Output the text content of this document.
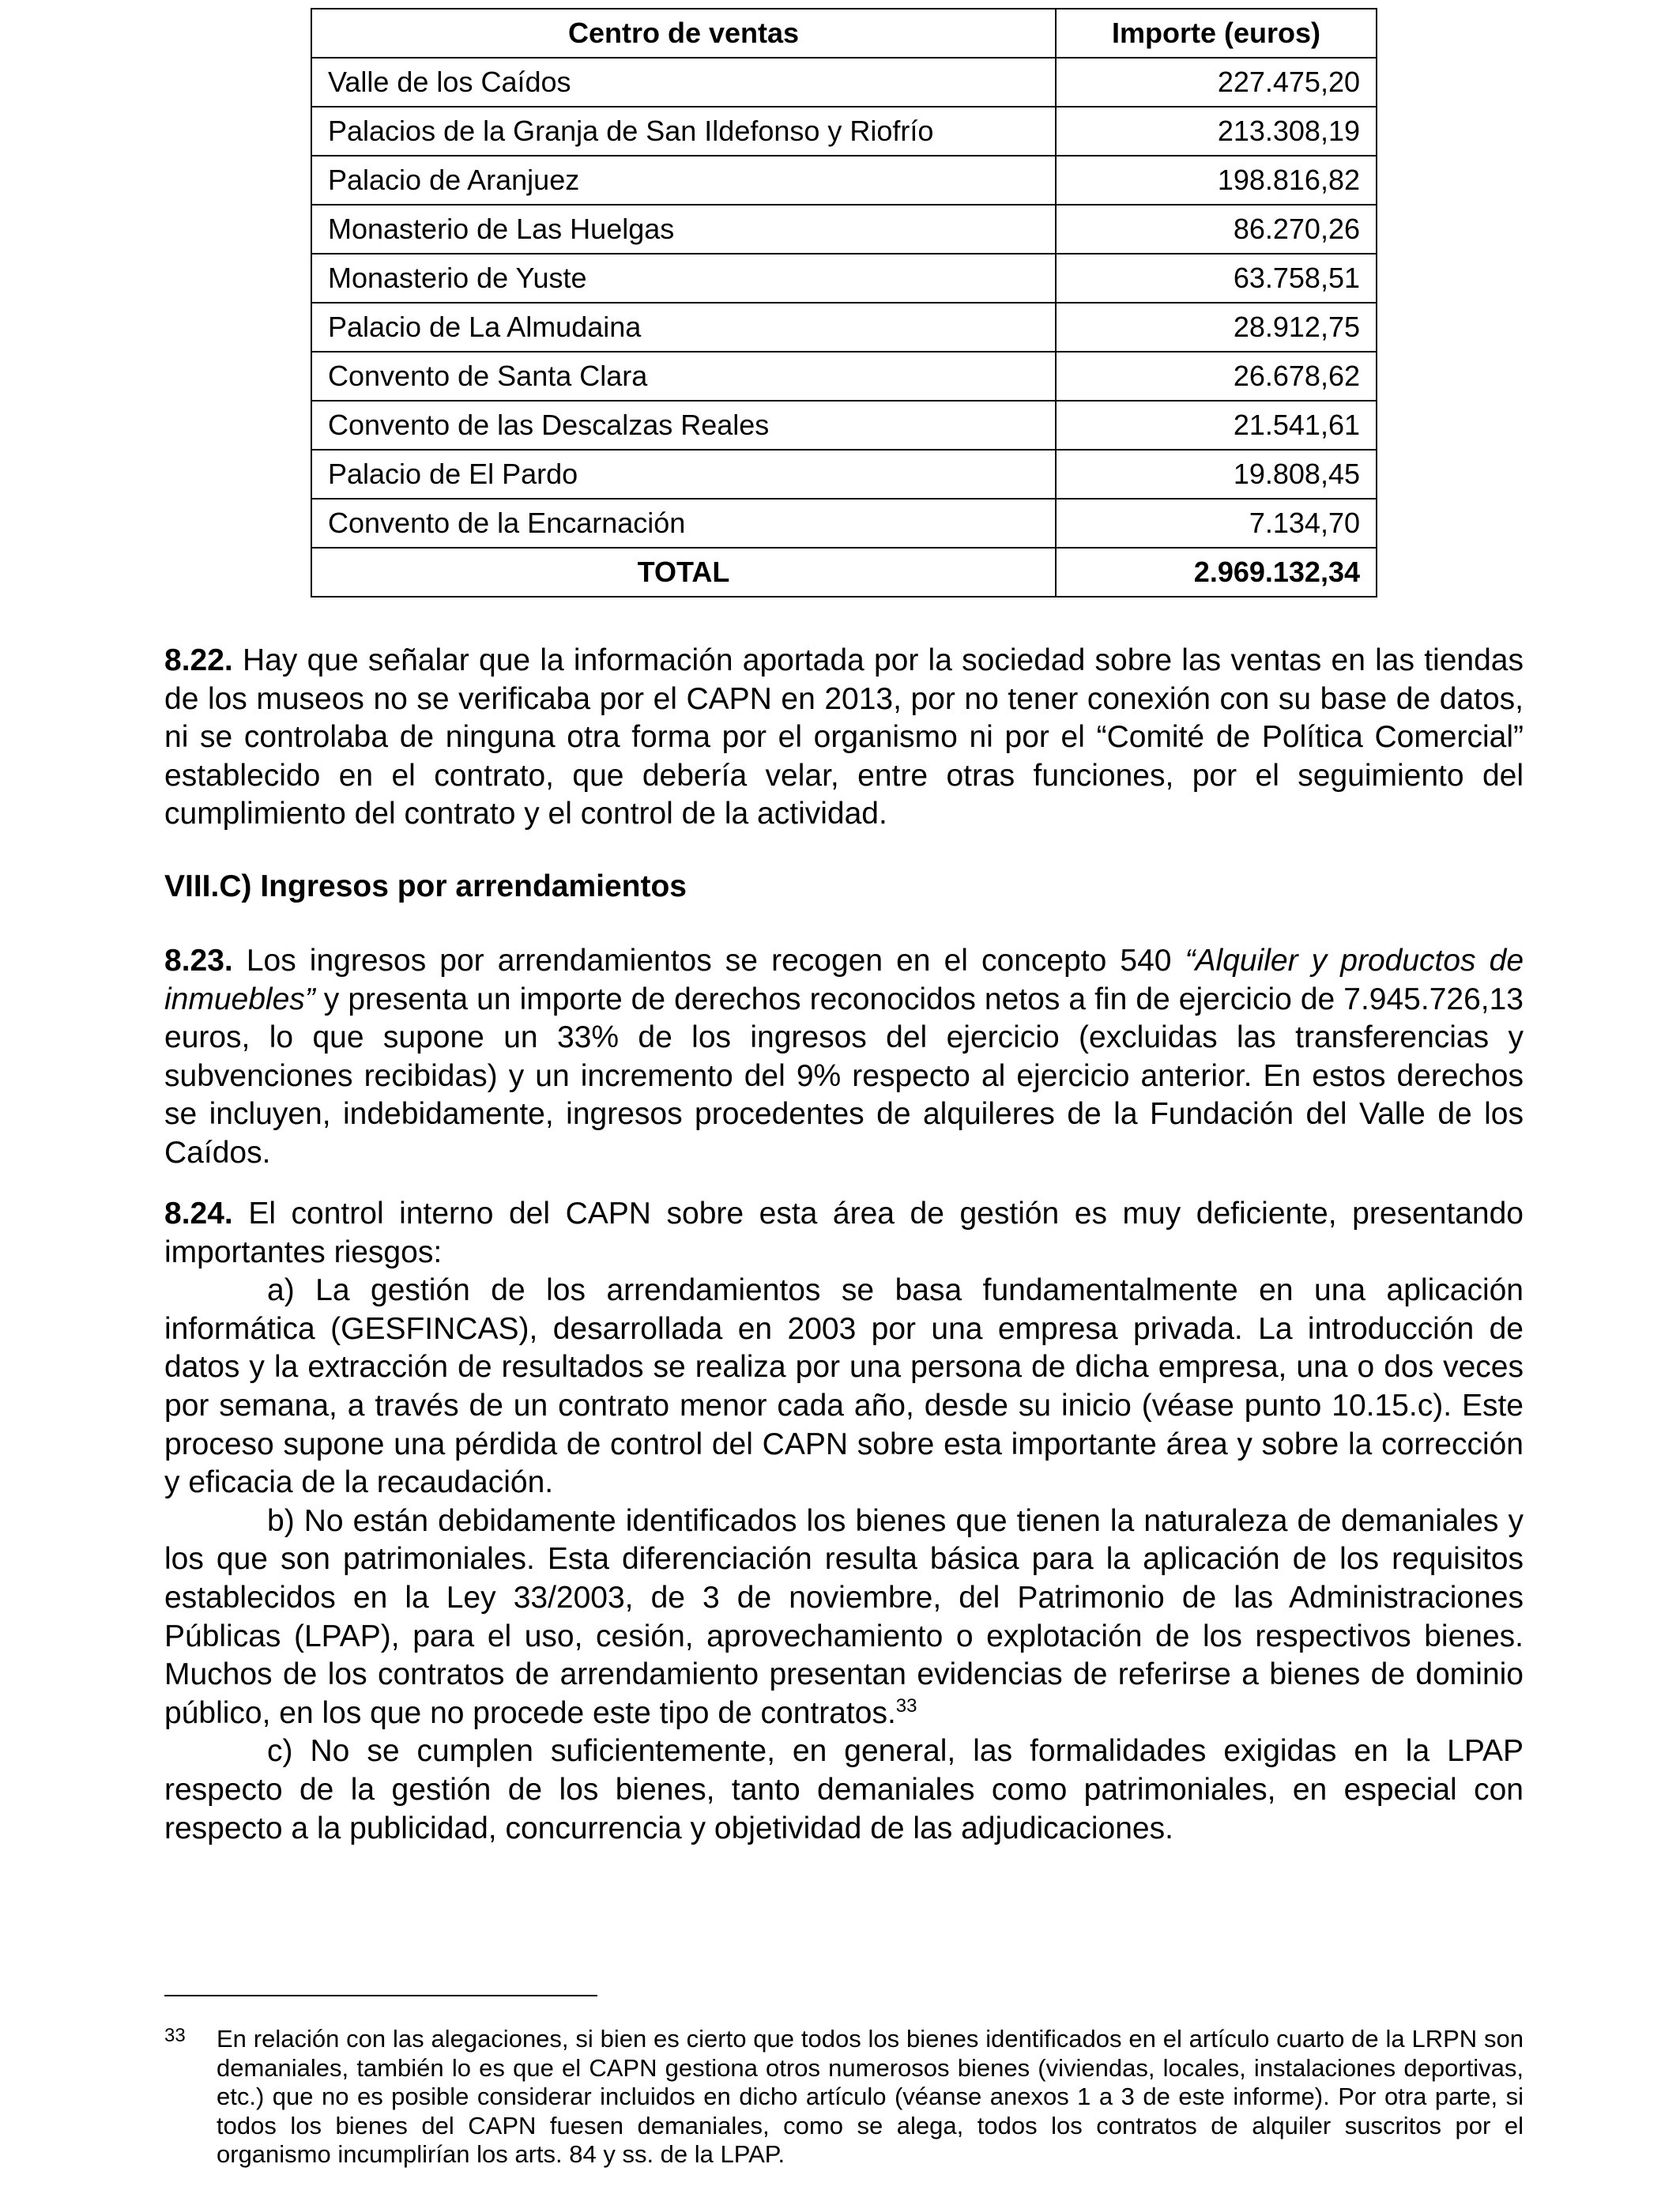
Centro de ventas	Importe (euros)
Valle de los Caídos	227.475,20
Palacios de la Granja de San Ildefonso y Riofrío	213.308,19
Palacio de Aranjuez	198.816,82
Monasterio de Las Huelgas	86.270,26
Monasterio de Yuste	63.758,51
Palacio de La Almudaina	28.912,75
Convento de Santa Clara	26.678,62
Convento de las Descalzas Reales	21.541,61
Palacio de El Pardo	19.808,45
Convento de la Encarnación	7.134,70
TOTAL	2.969.132,34

8.22. Hay que señalar que la información aportada por la sociedad sobre las ventas en las tiendas de los museos no se verificaba por el CAPN en 2013, por no tener conexión con su base de datos, ni se controlaba de ninguna otra forma por el organismo ni por el “Comité de Política Comercial” establecido en el contrato, que debería velar, entre otras funciones, por el seguimiento del cumplimiento del contrato y el control de la actividad.

VIII.C) Ingresos por arrendamientos

8.23. Los ingresos por arrendamientos se recogen en el concepto 540 “Alquiler y productos de inmuebles” y presenta un importe de derechos reconocidos netos a fin de ejercicio de 7.945.726,13 euros, lo que supone un 33% de los ingresos del ejercicio (excluidas las transferencias y subvenciones recibidas) y un incremento del 9% respecto al ejercicio anterior. En estos derechos se incluyen, indebidamente, ingresos procedentes de alquileres de la Fundación del Valle de los Caídos.

8.24. El control interno del CAPN sobre esta área de gestión es muy deficiente, presentando importantes riesgos:

a) La gestión de los arrendamientos se basa fundamentalmente en una aplicación informática (GESFINCAS), desarrollada en 2003 por una empresa privada. La introducción de datos y la extracción de resultados se realiza por una persona de dicha empresa, una o dos veces por semana, a través de un contrato menor cada año, desde su inicio (véase punto 10.15.c). Este proceso supone una pérdida de control del CAPN sobre esta importante área y sobre la corrección y eficacia de la recaudación.

b) No están debidamente identificados los bienes que tienen la naturaleza de demaniales y los que son patrimoniales. Esta diferenciación resulta básica para la aplicación de los requisitos establecidos en la Ley 33/2003, de 3 de noviembre, del Patrimonio de las Administraciones Públicas (LPAP), para el uso, cesión, aprovechamiento o explotación de los respectivos bienes. Muchos de los contratos de arrendamiento presentan evidencias de referirse a bienes de dominio público, en los que no procede este tipo de contratos.$^{33}$

c) No se cumplen suficientemente, en general, las formalidades exigidas en la LPAP respecto de la gestión de los bienes, tanto demaniales como patrimoniales, en especial con respecto a la publicidad, concurrencia y objetividad de las adjudicaciones.

33 En relación con las alegaciones, si bien es cierto que todos los bienes identificados en el artículo cuarto de la LRPN son demaniales, también lo es que el CAPN gestiona otros numerosos bienes (viviendas, locales, instalaciones deportivas, etc.) que no es posible considerar incluidos en dicho artículo (véanse anexos 1 a 3 de este informe). Por otra parte, si todos los bienes del CAPN fuesen demaniales, como se alega, todos los contratos de alquiler suscritos por el organismo incumplirían los arts. 84 y ss. de la LPAP.
